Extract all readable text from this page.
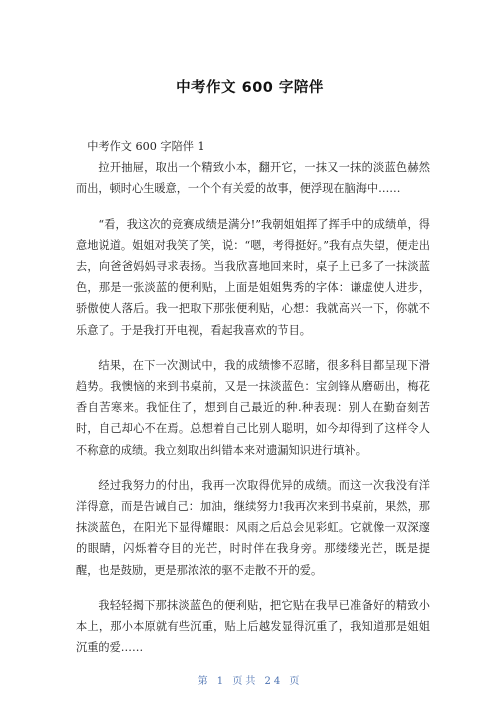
中考作文 600 字陪伴

中考作文 600 字陪伴 1

拉开抽屉，取出一个精致小本，翻开它，一抹又一抹的淡蓝色赫然而出，顿时心生暖意，一个个有关爱的故事，便浮现在脑海中……

“看，我这次的竞赛成绩是满分!”我朝姐姐挥了挥手中的成绩单，得意地说道。姐姐对我笑了笑，说：“嗯，考得挺好。”我有点失望，便走出去，向爸爸妈妈寻求表扬。当我欣喜地回来时，桌子上已多了一抹淡蓝色，那是一张淡蓝的便利贴，上面是姐姐隽秀的字体：谦虚使人进步，骄傲使人落后。我一把取下那张便利贴，心想：我就高兴一下，你就不乐意了。于是我打开电视，看起我喜欢的节目。

结果，在下一次测试中，我的成绩惨不忍睹，很多科目都呈现下滑趋势。我懊恼的来到书桌前，又是一抹淡蓝色：宝剑锋从磨砺出，梅花香自苦寒来。我怔住了，想到自己最近的种.种表现：别人在勤奋刻苦时，自己却心不在焉。总想着自己比别人聪明，如今却得到了这样令人不称意的成绩。我立刻取出纠错本来对遗漏知识进行填补。

经过我努力的付出，我再一次取得优异的成绩。而这一次我没有洋洋得意，而是告诫自己：加油，继续努力!我再次来到书桌前，果然，那抹淡蓝色，在阳光下显得耀眼：风雨之后总会见彩虹。它就像一双深邃的眼睛，闪烁着夺目的光芒，时时伴在我身旁。那缕缕光芒，既是提醒，也是鼓励，更是那浓浓的驱不走散不开的爱。

我轻轻揭下那抹淡蓝色的便利贴，把它贴在我早已准备好的精致小本上，那小本原就有些沉重，贴上后越发显得沉重了，我知道那是姐姐沉重的爱……

第 1 页共 24 页
